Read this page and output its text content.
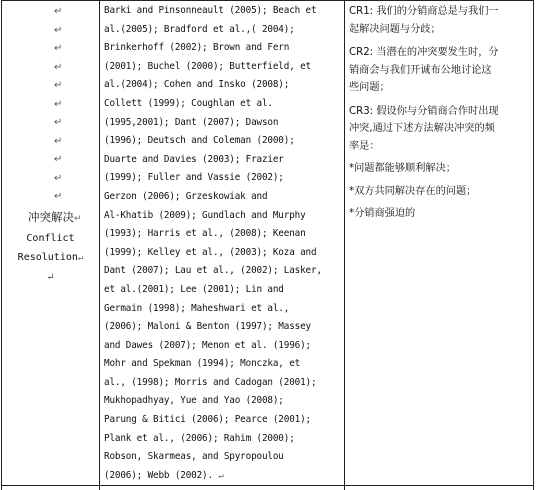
↵
↵
↵
↵
↵
↵
↵
↵
↵
↵
↵
冲突解决↵
Conflict
Resolution↵
↵
Barki and Pinsonneault (2005); Beach et
al.(2005); Bradford et al.,( 2004);
Brinkerhoff (2002); Brown and Fern
(2001); Buchel (2000); Butterfield, et
al.(2004); Cohen and Insko (2008);
Collett (1999); Coughlan et al.
(1995,2001); Dant (2007); Dawson
(1996); Deutsch and Coleman (2000);
Duarte and Davies (2003); Frazier
(1999); Fuller and Vassie (2002);
Gerzon (2006); Grzeskowiak and
Al-Khatib (2009); Gundlach and Murphy
(1993); Harris et al., (2008); Keenan
(1999); Kelley et al., (2003); Koza and
Dant (2007); Lau et al., (2002); Lasker,
et al.(2001); Lee (2001); Lin and
Germain (1998); Maheshwari et al.,
(2006); Maloni & Benton (1997); Massey
and Dawes (2007); Menon et al. (1996);
Mohr and Spekman (1994); Monczka, et
al., (1998); Morris and Cadogan (2001);
Mukhopadhyay, Yue and Yao (2008);
Parung & Bitici (2006); Pearce (2001);
Plank et al., (2006); Rahim (2000);
Robson, Skarmeas, and Spyropoulou
(2006); Webb (2002). ↵
CR1: 我们的分销商总是与我们一
起解决问题与分歧；
CR2: 当潜在的冲突要发生时，分
销商会与我们开诚布公地讨论这
些问题；
CR3: 假设你与分销商合作时出现
冲突,通过下述方法解决冲突的频
率是：
*问题都能够顺利解决；
*双方共同解决存在的问题；
*分销商强迫的
